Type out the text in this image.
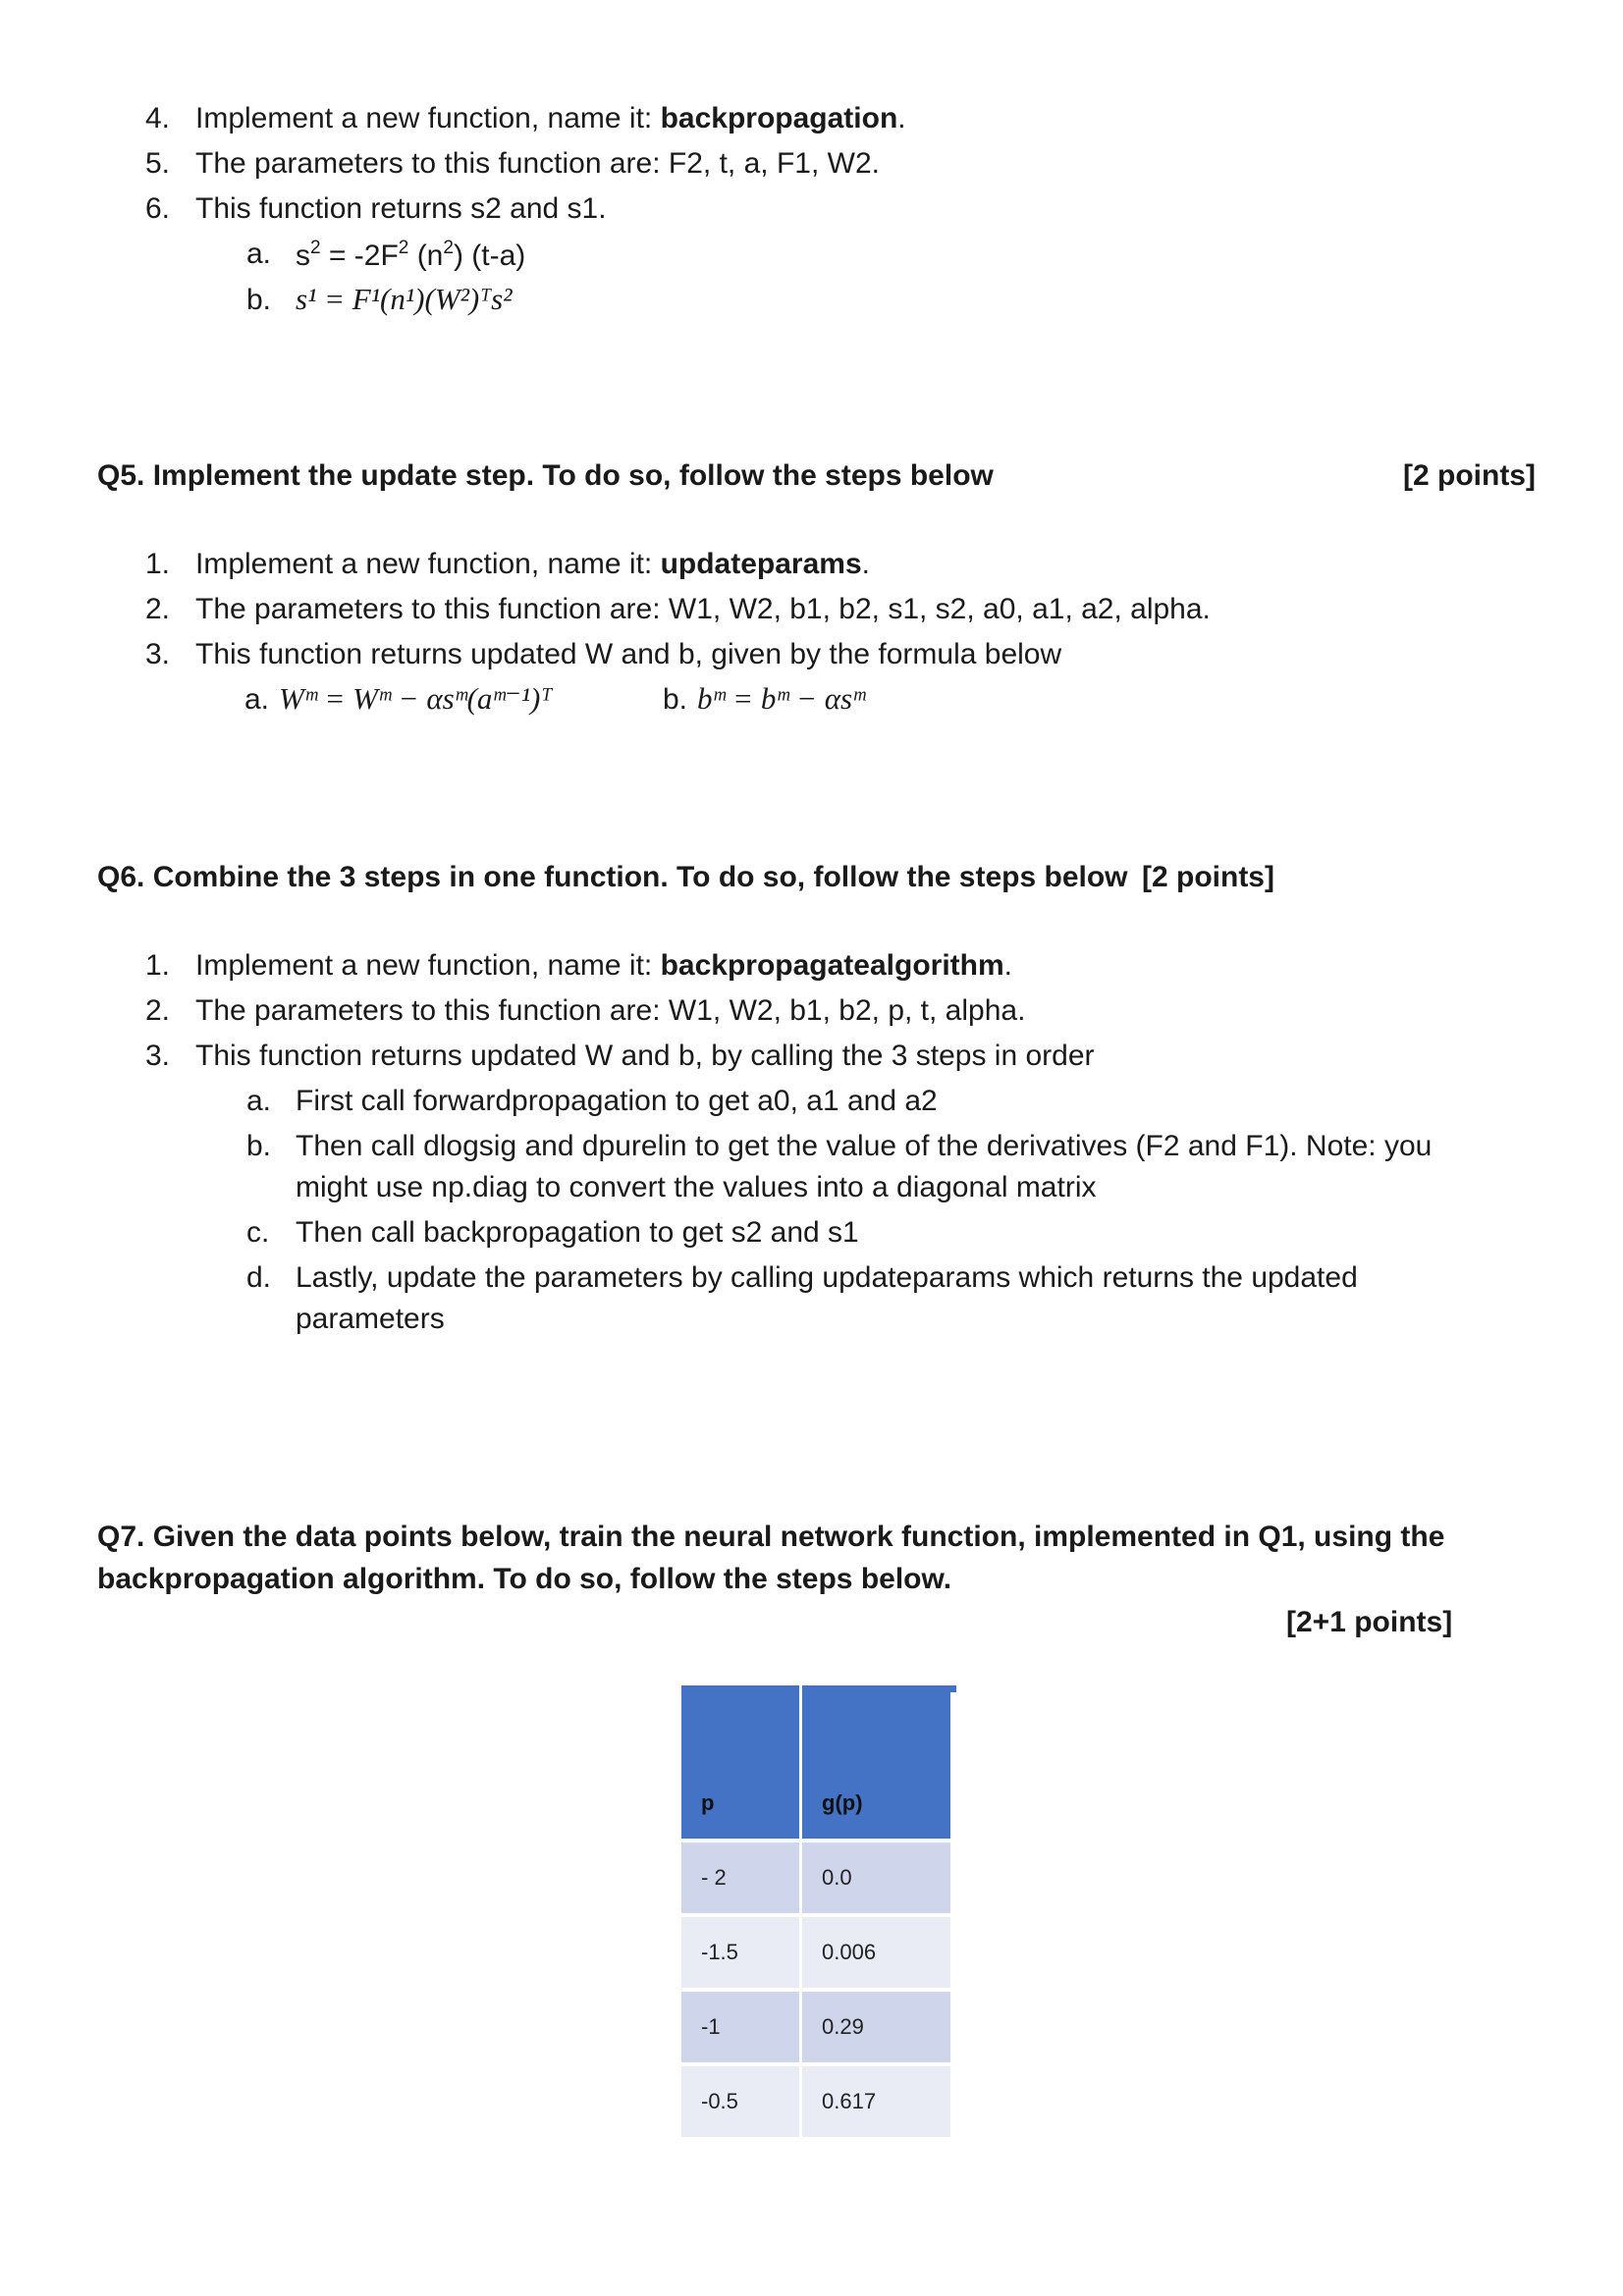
4. Implement a new function, name it: backpropagation.
5. The parameters to this function are: F2, t, a, F1, W2.
6. This function returns s2 and s1.
a. $s^2 = -2F^2$ $(n^2)$ (t-a)
b. s¹ = F¹(n¹)(W²)ᵀs²
Q5. Implement the update step. To do so, follow the steps below	[2 points]
1. Implement a new function, name it: updateparams.
2. The parameters to this function are: W1, W2, b1, b2, s1, s2, a0, a1, a2, alpha.
3. This function returns updated W and b, given by the formula below
a. Wᵐ = Wᵐ − αsᵐ(aᵐ⁻¹)ᵀ	b. bᵐ = bᵐ − αsᵐ
Q6. Combine the 3 steps in one function. To do so, follow the steps below [2 points]
1. Implement a new function, name it: backpropagatealgorithm.
2. The parameters to this function are: W1, W2, b1, b2, p, t, alpha.
3. This function returns updated W and b, by calling the 3 steps in order
a. First call forwardpropagation to get a0, a1 and a2
b. Then call dlogsig and dpurelin to get the value of the derivatives (F2 and F1). Note: you
might use np.diag to convert the values into a diagonal matrix
c. Then call backpropagation to get s2 and s1
d. Lastly, update the parameters by calling updateparams which returns the updated
parameters
Q7. Given the data points below, train the neural network function, implemented in Q1, using the
backpropagation algorithm. To do so, follow the steps below.
[2+1 points]

p	g(p)
- 2	0.0
-1.5	0.006
-1	0.29
-0.5	0.617
